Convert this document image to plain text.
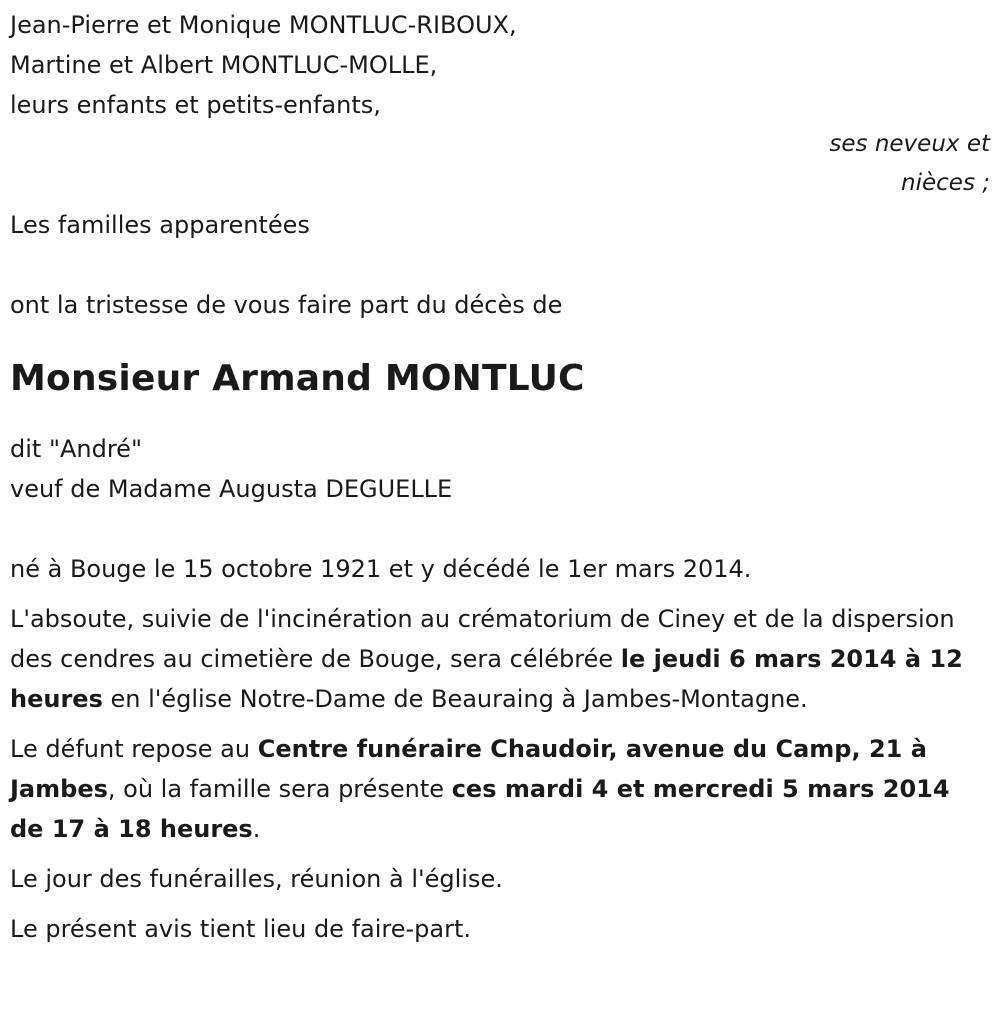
Jean-Pierre et Monique MONTLUC-RIBOUX,
Martine et Albert MONTLUC-MOLLE,
leurs enfants et petits-enfants,
ses neveux et
nièces ;
Les familles apparentées
ont la tristesse de vous faire part du décès de
Monsieur Armand MONTLUC
dit "André"
veuf de Madame Augusta DEGUELLE
né à Bouge le 15 octobre 1921 et y décédé le 1er mars 2014.
L'absoute, suivie de l'incinération au crématorium de Ciney et de la dispersion des cendres au cimetière de Bouge, sera célébrée le jeudi 6 mars 2014 à 12 heures en l'église Notre-Dame de Beauraing à Jambes-Montagne.
Le défunt repose au Centre funéraire Chaudoir, avenue du Camp, 21 à Jambes, où la famille sera présente ces mardi 4 et mercredi 5 mars 2014 de 17 à 18 heures.
Le jour des funérailles, réunion à l'église.
Le présent avis tient lieu de faire-part.
